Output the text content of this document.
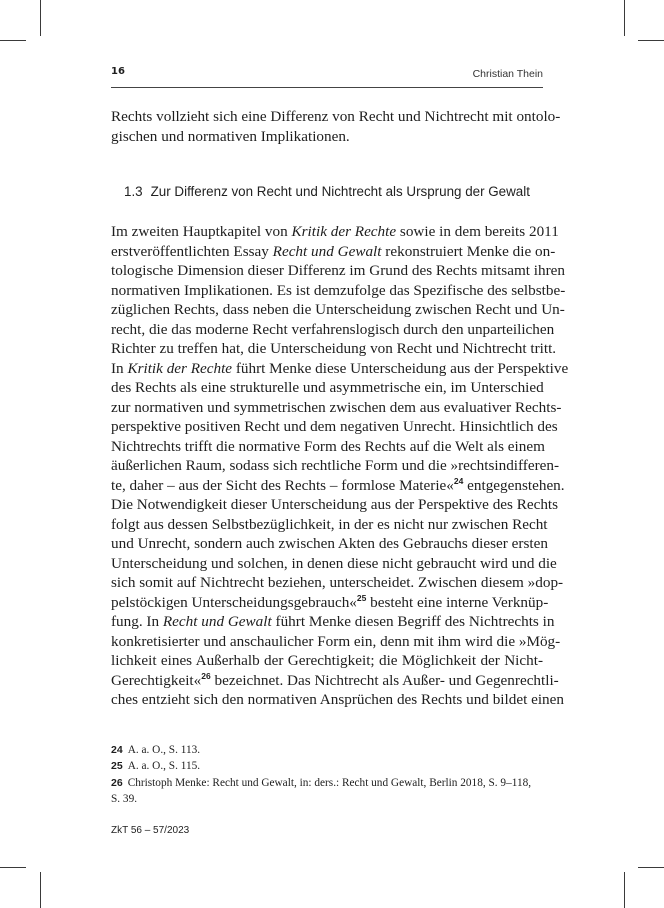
16	Christian Thein
Rechts vollzieht sich eine Differenz von Recht und Nichtrecht mit ontolo-
gischen und normativen Implikationen.
1.3 Zur Differenz von Recht und Nichtrecht als Ursprung der Gewalt
Im zweiten Hauptkapitel von Kritik der Rechte sowie in dem bereits 2011
erstveröffentlichten Essay Recht und Gewalt rekonstruiert Menke die on-
tologische Dimension dieser Differenz im Grund des Rechts mitsamt ihren
normativen Implikationen. Es ist demzufolge das Spezifische des selbstbe-
züglichen Rechts, dass neben die Unterscheidung zwischen Recht und Un-
recht, die das moderne Recht verfahrenslogisch durch den unparteilichen
Richter zu treffen hat, die Unterscheidung von Recht und Nichtrecht tritt.
In Kritik der Rechte führt Menke diese Unterscheidung aus der Perspektive
des Rechts als eine strukturelle und asymmetrische ein, im Unterschied
zur normativen und symmetrischen zwischen dem aus evaluativer Rechts-
perspektive positiven Recht und dem negativen Unrecht. Hinsichtlich des
Nichtrechts trifft die normative Form des Rechts auf die Welt als einem
äußerlichen Raum, sodass sich rechtliche Form und die »rechtsindifferen-
te, daher – aus der Sicht des Rechts – formlose Materie«$^{24}$ entgegenstehen.
Die Notwendigkeit dieser Unterscheidung aus der Perspektive des Rechts
folgt aus dessen Selbstbezüglichkeit, in der es nicht nur zwischen Recht
und Unrecht, sondern auch zwischen Akten des Gebrauchs dieser ersten
Unterscheidung und solchen, in denen diese nicht gebraucht wird und die
sich somit auf Nichtrecht beziehen, unterscheidet. Zwischen diesem »dop-
pelstöckigen Unterscheidungsgebrauch«$^{25}$ besteht eine interne Verknüp-
fung. In Recht und Gewalt führt Menke diesen Begriff des Nichtrechts in
konkretisierter und anschaulicher Form ein, denn mit ihm wird die »Mög-
lichkeit eines Außerhalb der Gerechtigkeit; die Möglichkeit der Nicht-
Gerechtigkeit«$^{26}$ bezeichnet. Das Nichtrecht als Außer- und Gegenrechtli-
ches entzieht sich den normativen Ansprüchen des Rechts und bildet einen
24 A. a. O., S. 113.
25 A. a. O., S. 115.
26 Christoph Menke: Recht und Gewalt, in: ders.: Recht und Gewalt, Berlin 2018, S. 9–118,
S. 39.
ZkT 56 – 57/2023
